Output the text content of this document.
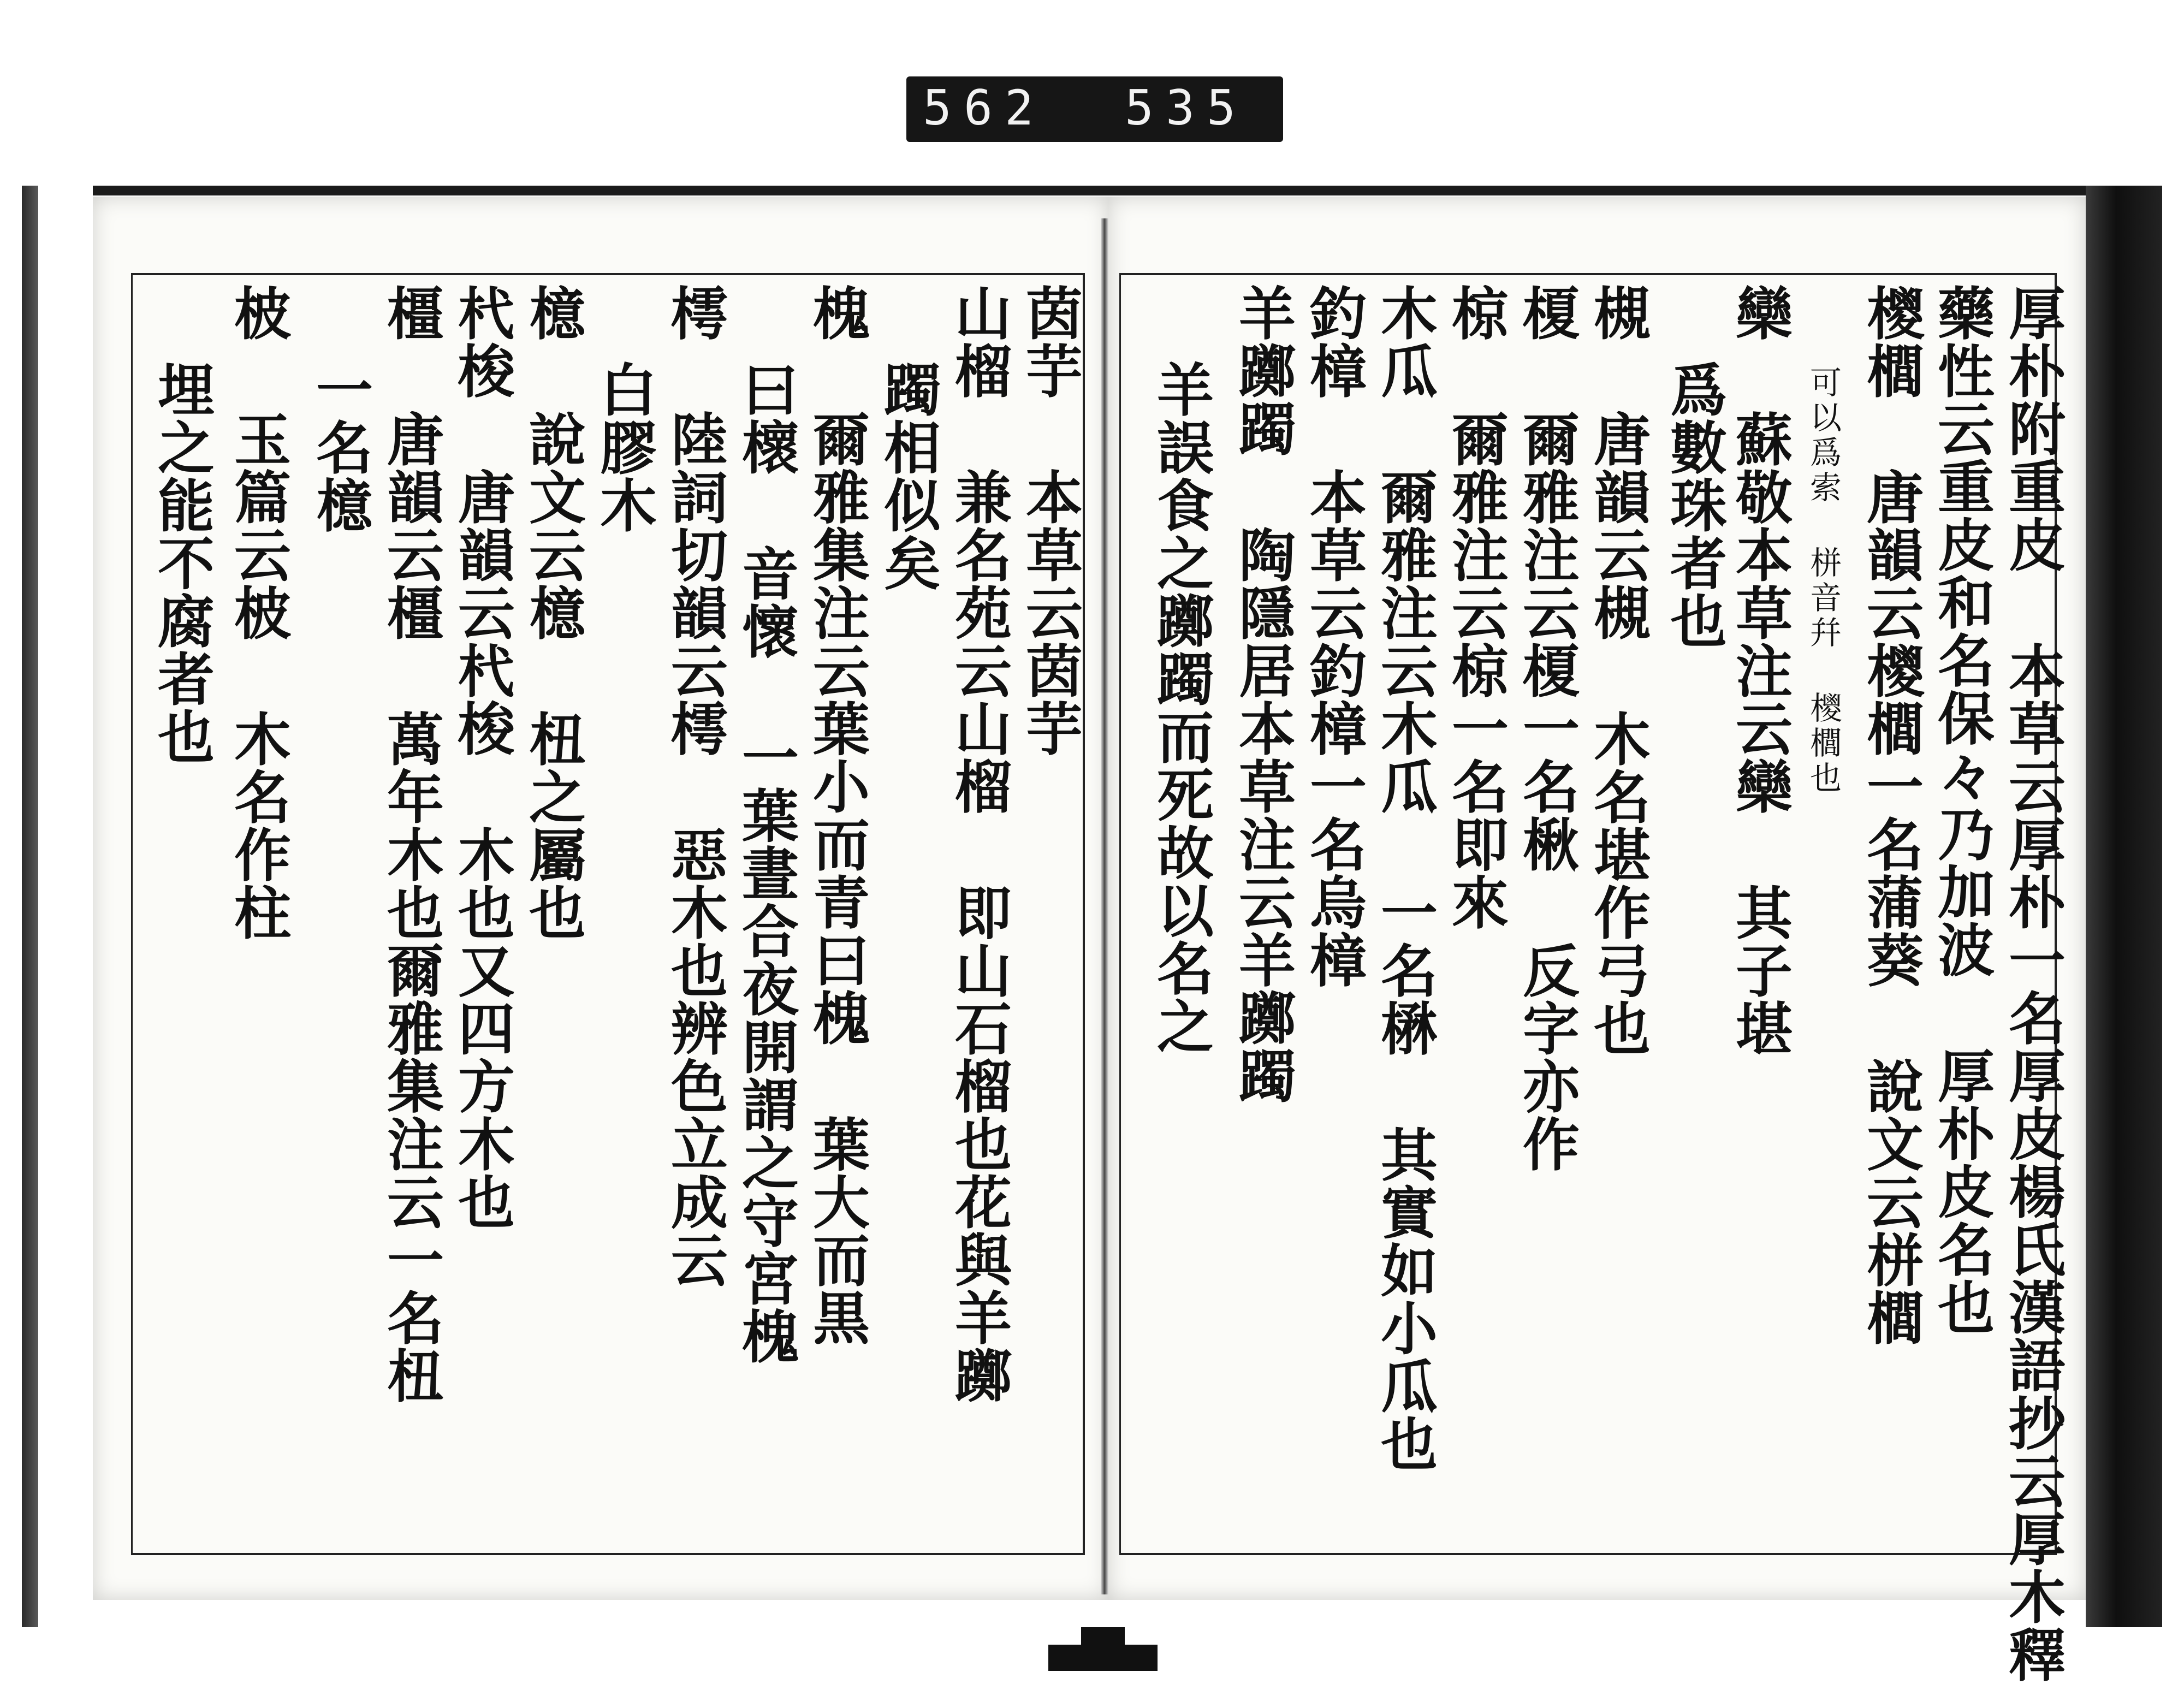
562 535
厚朴附重皮 本草云厚朴一名厚皮楊氏漢語抄云厚木釋
藥性云重皮和名保々乃加波 厚朴皮名也
㯶櫚 唐韻云㯶櫚一名蒲葵 說文云栟櫚
可以爲索 栟音幷 㯶櫚也
欒 蘇敬本草注云欒 其子堪
爲數珠者也
槻 唐韻云槻 木名堪作弓也
榎 爾雅注云榎一名楸 反字亦作
椋 爾雅注云椋一名即來
木瓜 爾雅注云木瓜 一名楙 其實如小瓜也
釣樟 本草云釣樟一名烏樟
羊躑躅 陶隱居本草注云羊躑躅
羊誤食之躑躅而死故以名之
茵芋 本草云茵芋
山榴 兼名苑云山榴 即山石榴也花與羊躑
躅相似矣
槐 爾雅集注云葉小而青曰槐 葉大而黒
曰櫰 音懷 一葉晝合夜開謂之守宮槐
樗 陸詞切韻云樗 惡木也辨色立成云
白膠木
檍 說文云檍 杻之屬也
杙梭 唐韻云杙梭 木也又四方木也
橿 唐韻云橿 萬年木也爾雅集注云一名杻
一名檍
柀 玉篇云柀 木名作柱
埋之能不腐者也
